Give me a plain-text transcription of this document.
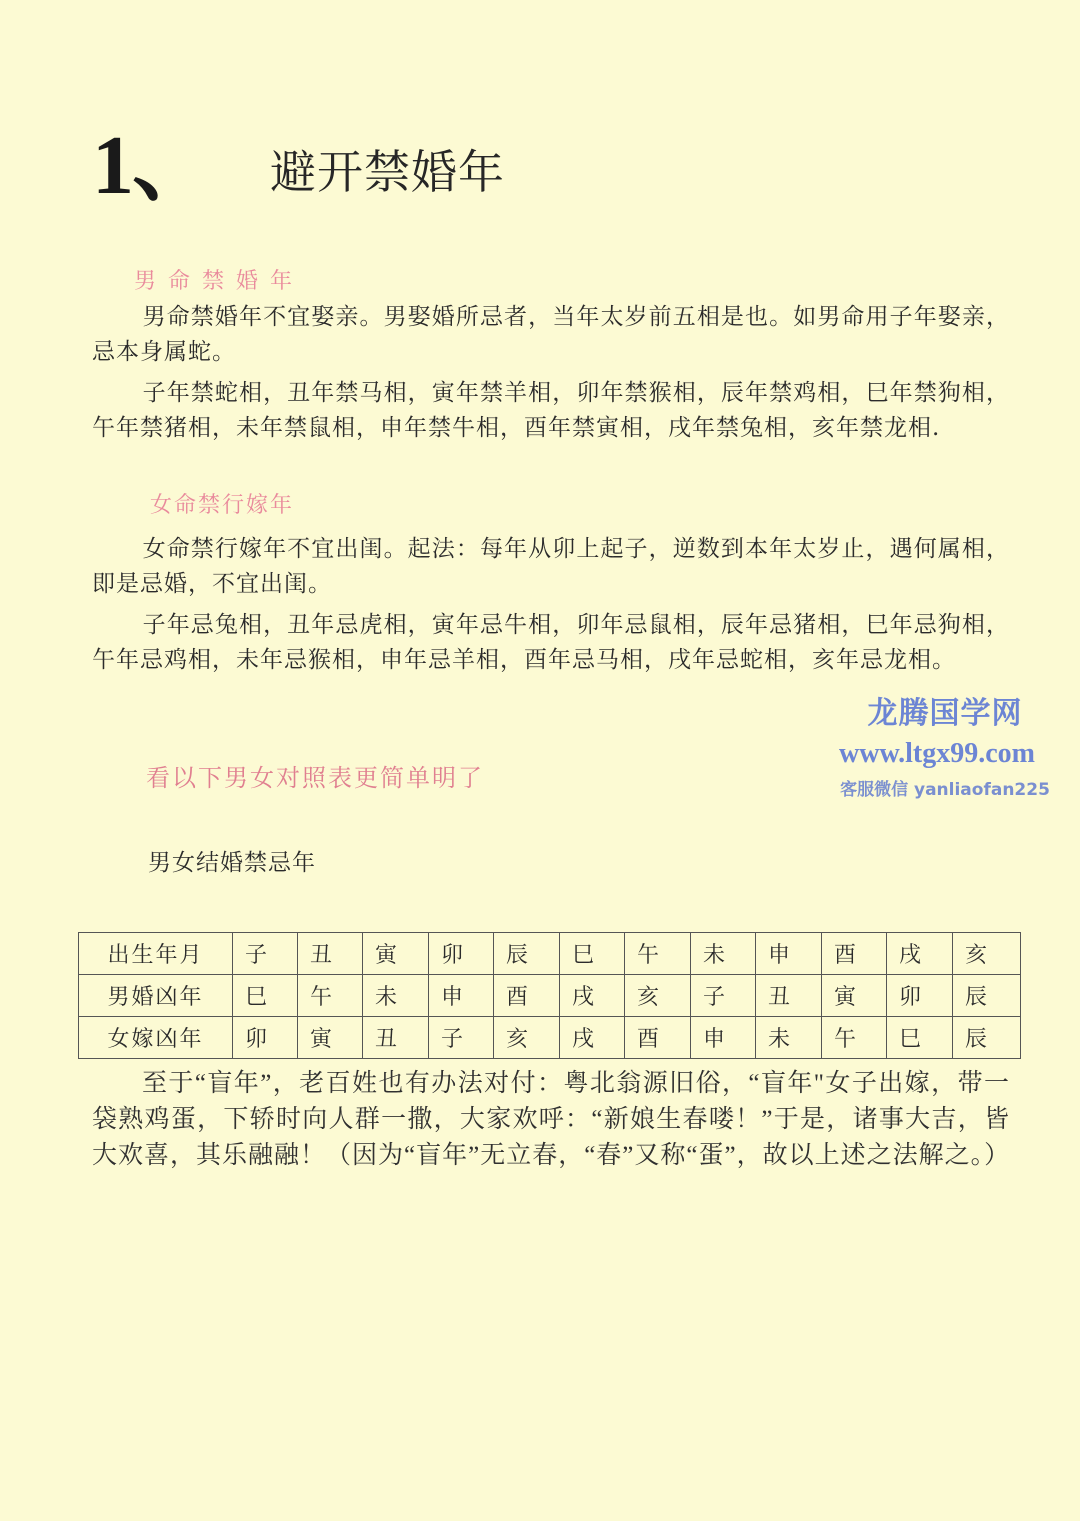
1、 避开禁婚年
男命禁婚年
男命禁婚年不宜娶亲。男娶婚所忌者，当年太岁前五相是也。如男命用子年娶亲，忌本身属蛇。
子年禁蛇相，丑年禁马相，寅年禁羊相，卯年禁猴相，辰年禁鸡相，巳年禁狗相，午年禁猪相，未年禁鼠相，申年禁牛相，酉年禁寅相，戌年禁兔相，亥年禁龙相.
女命禁行嫁年
女命禁行嫁年不宜出闺。起法：每年从卯上起子，逆数到本年太岁止，遇何属相，即是忌婚，不宜出闺。
子年忌兔相，丑年忌虎相，寅年忌牛相，卯年忌鼠相，辰年忌猪相，巳年忌狗相，午年忌鸡相，未年忌猴相，申年忌羊相，酉年忌马相，戌年忌蛇相，亥年忌龙相。
龙腾国学网
www.ltgx99.com
客服微信 yanliaofan225
看以下男女对照表更简单明了
男女结婚禁忌年
出生年月	子	丑	寅	卯	辰	巳	午	未	申	酉	戌	亥
男婚凶年	巳	午	未	申	酉	戌	亥	子	丑	寅	卯	辰
女嫁凶年	卯	寅	丑	子	亥	戌	酉	申	未	午	巳	辰
至于“盲年”，老百姓也有办法对付：粤北翁源旧俗，“盲年"女子出嫁，带一袋熟鸡蛋，下轿时向人群一撒，大家欢呼：“新娘生春喽！”于是，诸事大吉，皆大欢喜，其乐融融！（因为“盲年”无立春，“春”又称“蛋”，故以上述之法解之。）
